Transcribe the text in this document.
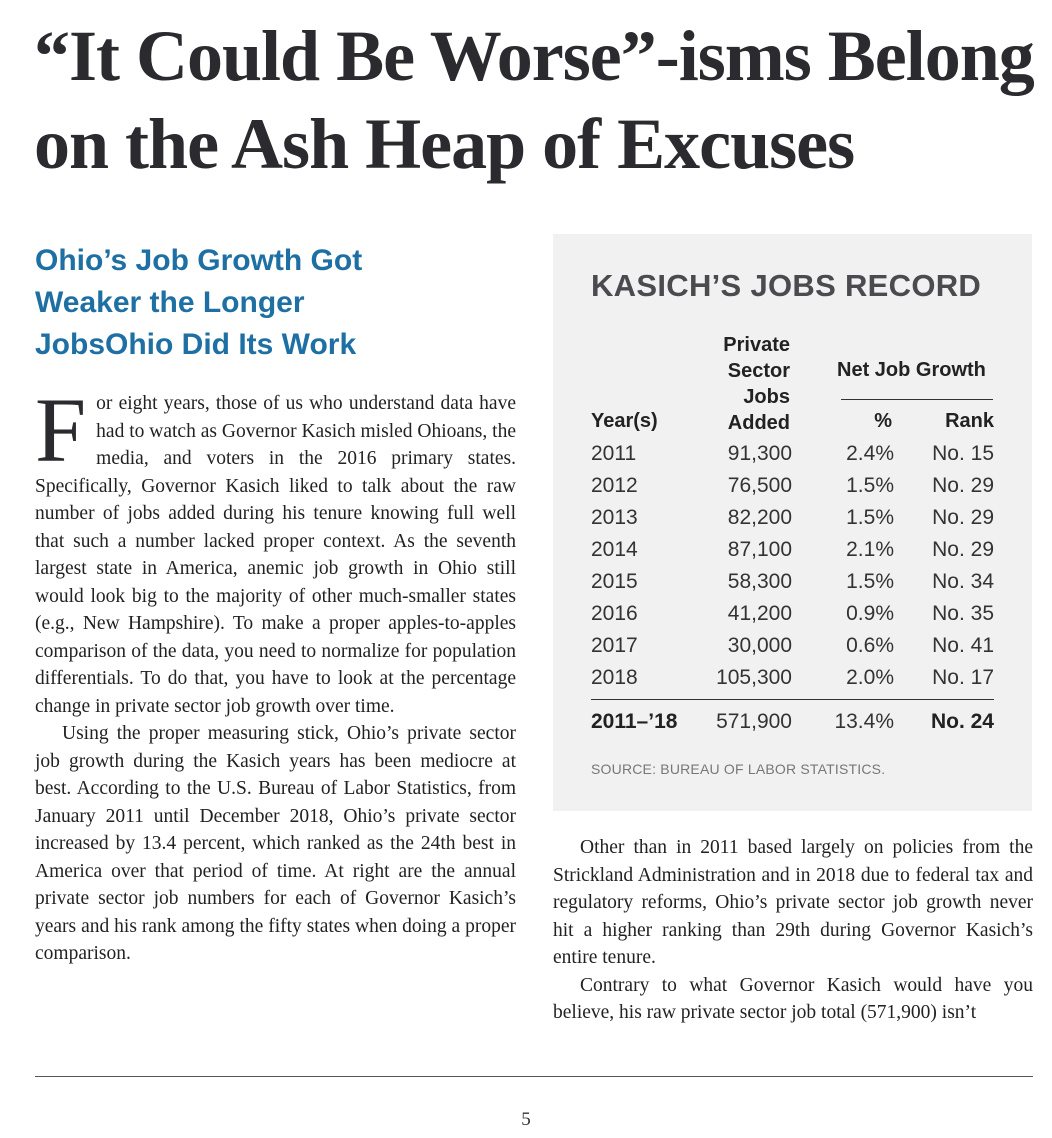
“It Could Be Worse”-isms Belong
on the Ash Heap of Excuses
Ohio’s Job Growth Got
Weaker the Longer
JobsOhio Did Its Work

For eight years, those of us who understand data have had to watch as Governor Kasich misled Ohioans, the media, and voters in the 2016 primary states. Specifically, Governor Kasich liked to talk about the raw number of jobs added during his tenure knowing full well that such a number lacked proper context. As the seventh largest state in America, anemic job growth in Ohio still would look big to the majority of other much-smaller states (e.g., New Hampshire). To make a proper apples-to-apples comparison of the data, you need to normalize for population differentials. To do that, you have to look at the percentage change in private sector job growth over time.

Using the proper measuring stick, Ohio’s private sector job growth during the Kasich years has been mediocre at best. According to the U.S. Bureau of Labor Statistics, from January 2011 until December 2018, Ohio’s private sector increased by 13.4 percent, which ranked as the 24th best in America over that period of time. At right are the annual private sector job numbers for each of Governor Kasich’s years and his rank among the fifty states when doing a proper comparison.

KASICH’S JOBS RECORD
Private
Sector
Jobs
Added
Net Job Growth
Year(s)	%	Rank
2011	91,300	2.4% No. 15
2012	76,500	1.5% No. 29
2013	82,200	1.5% No. 29
2014	87,100	2.1% No. 29
2015	58,300	1.5% No. 34
2016	41,200	0.9% No. 35
2017	30,000	0.6% No. 41
2018	105,300	2.0% No. 17
2011–’18 571,900 13.4% No. 24
SOURCE: BUREAU OF LABOR STATISTICS.

Other than in 2011 based largely on policies from the Strickland Administration and in 2018 due to federal tax and regulatory reforms, Ohio’s private sector job growth never hit a higher ranking than 29th during Governor Kasich’s entire tenure.

Contrary to what Governor Kasich would have you believe, his raw private sector job total (571,900) isn’t

5
